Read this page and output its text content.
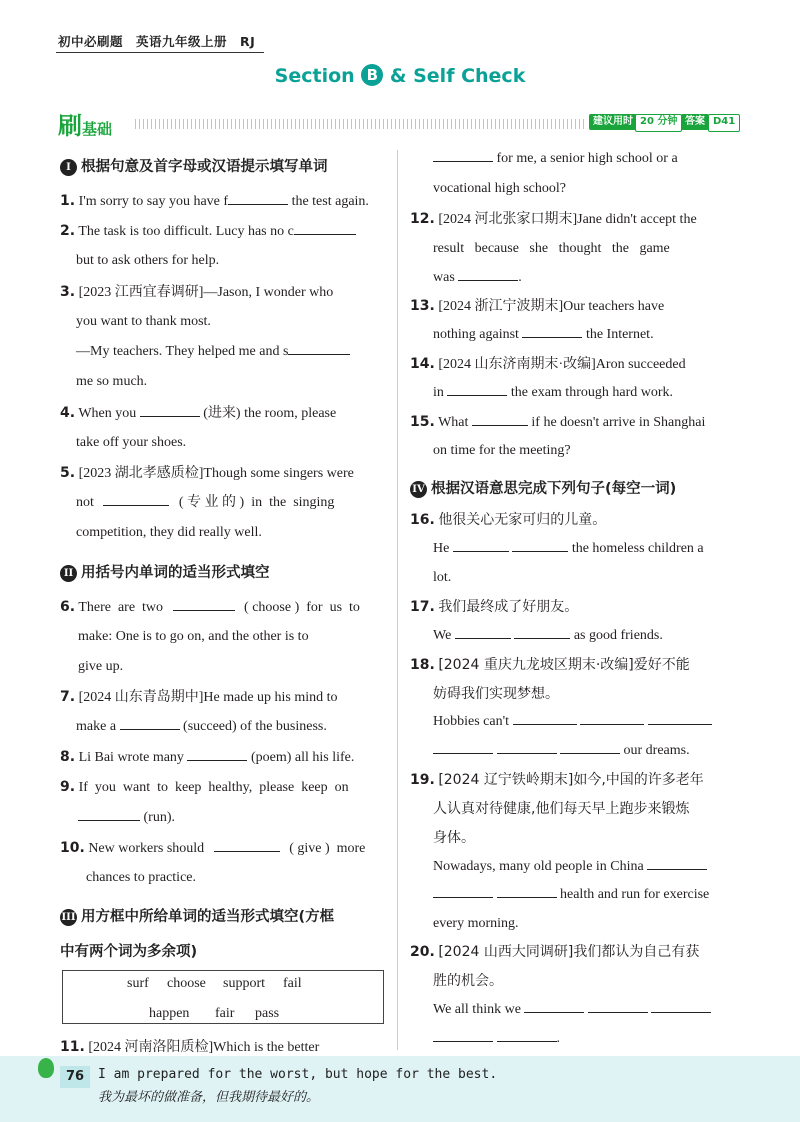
初中必刷题　英语九年级上册　RJ
Section B & Self Check
刷基础	建议用时 20 分钟 答案 D41
I 根据句意及首字母或汉语提示填写单词
1. I'm sorry to say you have f	the test again.
2. The task is too difficult. Lucy has no c
but to ask others for help.
3. [2023 江西宜春调研]—Jason, I wonder who
you want to thank most.
—My teachers. They helped me and s
me so much.
4. When you	(进来) the room, please
take off your shoes.
5. [2023 湖北孝感质检]Though some singers were
not	( 专 业 的 )  in  the  singing
competition, they did really well.
II 用括号内单词的适当形式填空
6. There  are  two	( choose )  for  us  to
make: One is to go on, and the other is to
give up.
7. [2024 山东青岛期中]He made up his mind to
make a	(succeed) of the business.
8. Li Bai wrote many	(poem) all his life.
9. If  you  want  to  keep  healthy,  please  keep  on
(run).
10. New workers should	( give )  more
chances to practice.
III 用方框中所给单词的适当形式填空(方框
中有两个词为多余项)
surf choose support fail
happen fair pass
11. [2024 河南洛阳质检]Which is the better
for me, a senior high school or a
vocational high school?
12. [2024 河北张家口期末]Jane didn't accept the
result   because   she   thought   the   game
was	.
13. [2024 浙江宁波期末]Our teachers have
nothing against	the Internet.
14. [2024 山东济南期末·改编]Aron succeeded
in	the exam through hard work.
15. What	if he doesn't arrive in Shanghai
on time for the meeting?
IV 根据汉语意思完成下列句子(每空一词)
16. 他很关心无家可归的儿童。
He	the homeless children a
lot.
17. 我们最终成了好朋友。
We	as good friends.
18. [2024 重庆九龙坡区期末·改编]爱好不能
妨碍我们实现梦想。
Hobbies can't
our dreams.
19. [2024 辽宁铁岭期末]如今,中国的许多老年
人认真对待健康,他们每天早上跑步来锻炼
身体。
Nowadays, many old people in China
health and run for exercise
every morning.
20. [2024 山西大同调研]我们都认为自己有获
胜的机会。
We all think we
.
76 I am prepared for the worst, but hope for the best.
我为最坏的做准备，但我期待最好的。
